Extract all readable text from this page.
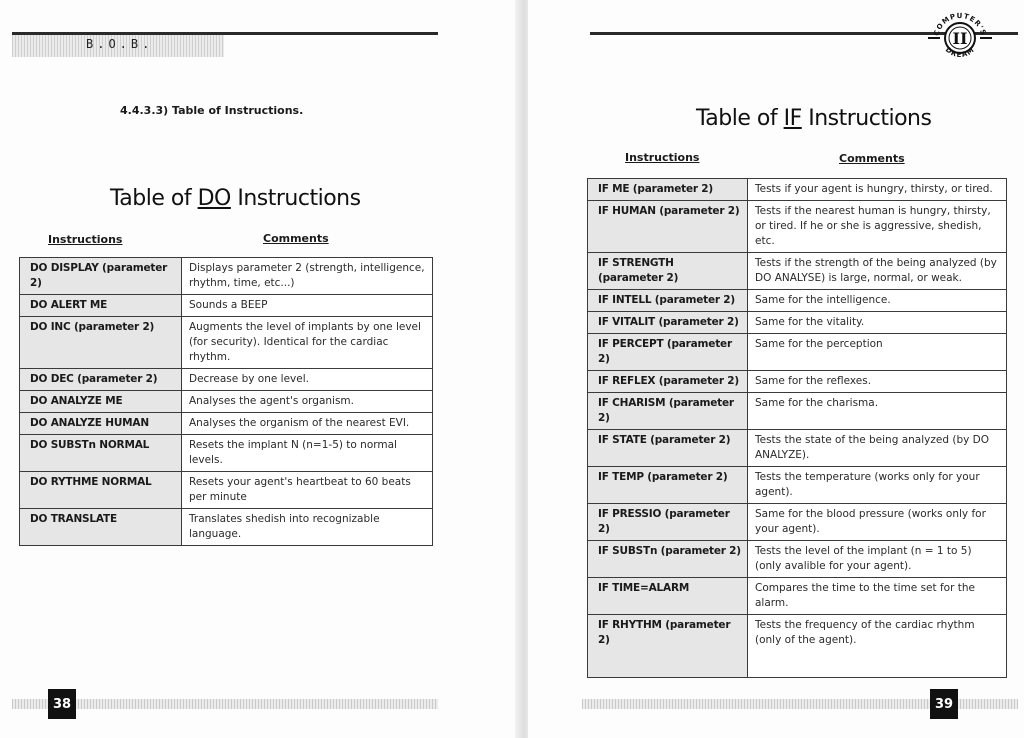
B.O.B.
4.4.3.3) Table of Instructions.
Table of DO Instructions
Instructions	Comments
DO DISPLAY (parameter 2)	Displays parameter 2 (strength, intelligence, rhythm, time, etc...)
DO ALERT ME	Sounds a BEEP
DO INC (parameter 2)	Augments the level of implants by one level (for security). Identical for the cardiac rhythm.
DO DEC (parameter 2)	Decrease by one level.
DO ANALYZE ME	Analyses the agent's organism.
DO ANALYZE HUMAN	Analyses the organism of the nearest EVI.
DO SUBSTn NORMAL	Resets the implant N (n=1-5) to normal levels.
DO RYTHME NORMAL	Resets your agent's heartbeat to 60 beats per minute
DO TRANSLATE	Translates shedish into recognizable language.
38
Table of IF Instructions
Instructions	Comments
IF ME (parameter 2)	Tests if your agent is hungry, thirsty, or tired.
IF HUMAN (parameter 2)	Tests if the nearest human is hungry, thirsty, or tired. If he or she is aggressive, shedish, etc.
IF STRENGTH (parameter 2)	Tests if the strength of the being analyzed (by DO ANALYSE) is large, normal, or weak.
IF INTELL (parameter 2)	Same for the intelligence.
IF VITALIT (parameter 2)	Same for the vitality.
IF PERCEPT (parameter 2)	Same for the perception
IF REFLEX (parameter 2)	Same for the reflexes.
IF CHARISM (parameter 2)	Same for the charisma.
IF STATE (parameter 2)	Tests the state of the being analyzed (by DO ANALYZE).
IF TEMP (parameter 2)	Tests the temperature (works only for your agent).
IF PRESSIO (parameter 2)	Same for the blood pressure (works only for your agent).
IF SUBSTn (parameter 2)	Tests the level of the implant (n = 1 to 5) (only avalible for your agent).
IF TIME=ALARM	Compares the time to the time set for the alarm.
IF RHYTHM (parameter 2)	Tests the frequency of the cardiac rhythm (only of the agent).
39
II
COMPUTER'S
DREAM
